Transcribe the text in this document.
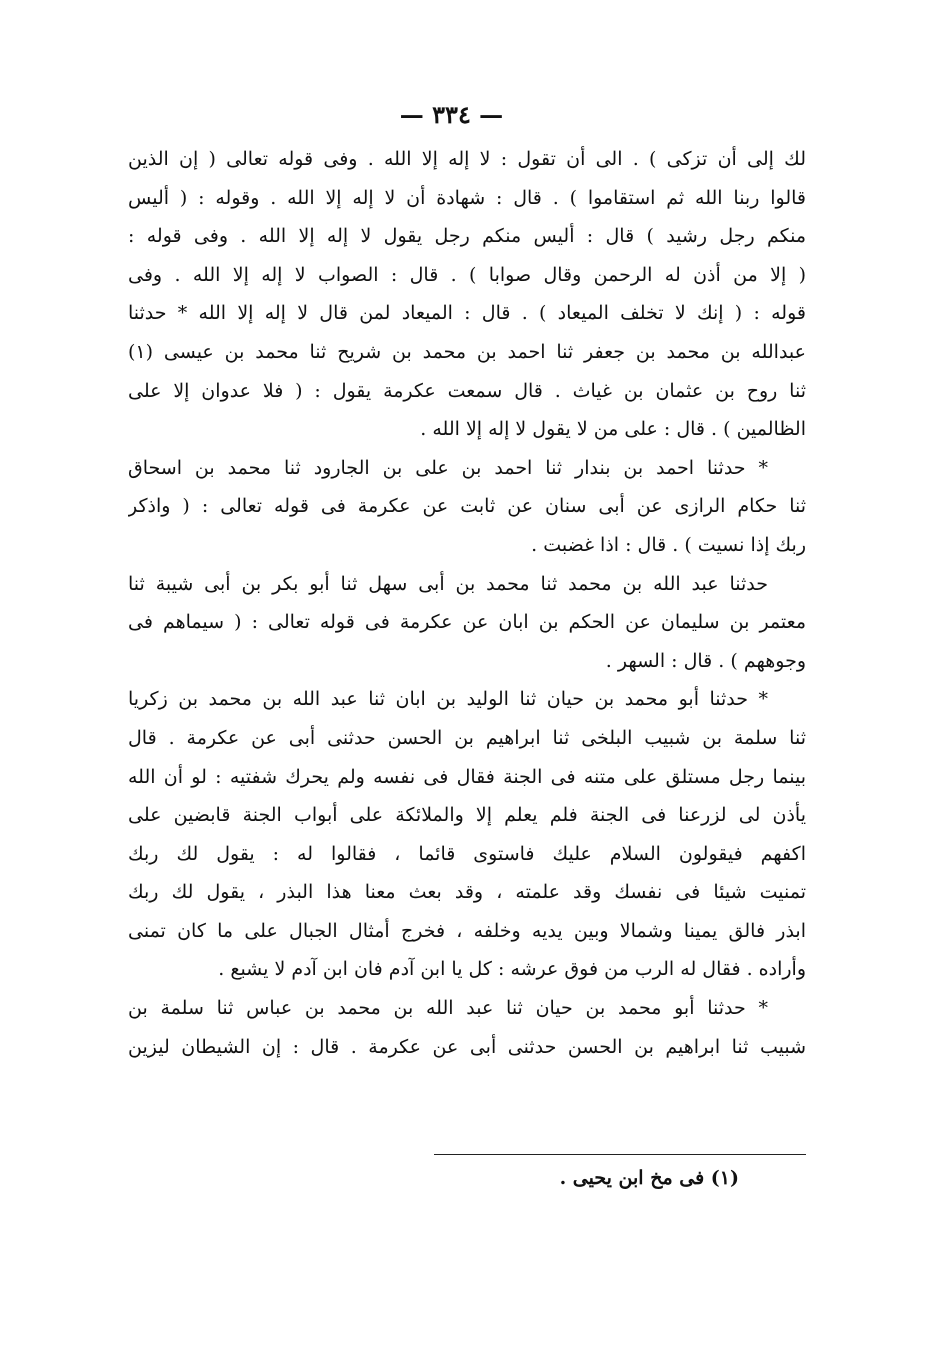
— ٣٣٤ —
لك إلى أن تزكى ) . الى أن تقول : لا إله إلا الله . وفى قوله تعالى ( إن الذين
قالوا ربنا الله ثم استقاموا ) . قال : شهادة أن لا إله إلا الله . وقوله : ( أليس
منكم رجل رشيد ) قال : أليس منكم رجل يقول لا إله إلا الله . وفى قوله :
( إلا من أذن له الرحمن وقال صوابا ) . قال : الصواب لا إله إلا الله . وفى
قوله : ( إنك لا تخلف الميعاد ) . قال : الميعاد لمن قال لا إله إلا الله * حدثنا
عبدالله بن محمد بن جعفر ثنا احمد بن محمد بن شريح ثنا محمد بن عيسى (١)
ثنا روح بن عثمان بن غياث . قال سمعت عكرمة يقول : ( فلا عدوان إلا على
الظالمين ) . قال : على من لا يقول لا إله إلا الله .
* حدثنا احمد بن بندار ثنا احمد بن على بن الجارود ثنا محمد بن اسحاق
ثنا حكام الرازى عن أبى سنان عن ثابت عن عكرمة فى قوله تعالى : ( واذكر
ربك إذا نسيت ) . قال : اذا غضبت .
حدثنا عبد الله بن محمد ثنا محمد بن أبى سهل ثنا أبو بكر بن أبى شيبة ثنا
معتمر بن سليمان عن الحكم بن ابان عن عكرمة فى قوله تعالى : ( سيماهم فى
وجوههم ) . قال : السهر .
* حدثنا أبو محمد بن حيان ثنا الوليد بن ابان ثنا عبد الله بن محمد بن زكريا
ثنا سلمة بن شبيب البلخى ثنا ابراهيم بن الحسن حدثنى أبى عن عكرمة . قال
بينما رجل مستلق على متنه فى الجنة فقال فى نفسه ولم يحرك شفتيه : لو أن الله
يأذن لى لزرعنا فى الجنة فلم يعلم إلا والملائكة على أبواب الجنة قابضين على
اكفهم فيقولون السلام عليك فاستوى قائما ، فقالوا له : يقول لك ربك
تمنيت شيئا فى نفسك وقد علمته ، وقد بعث معنا هذا البذر ، يقول لك ربك
ابذر فالق يمينا وشمالا وبين يديه وخلفه ، فخرج أمثال الجبال على ما كان تمنى
وأراده . فقال له الرب من فوق عرشه : كل يا ابن آدم فان ابن آدم لا يشبع .
* حدثنا أبو محمد بن حيان ثنا عبد الله بن محمد بن عباس ثنا سلمة بن
شبيب ثنا ابراهيم بن الحسن حدثنى أبى عن عكرمة . قال : إن الشيطان ليزين
(١) فى مخ ابن يحيى .
